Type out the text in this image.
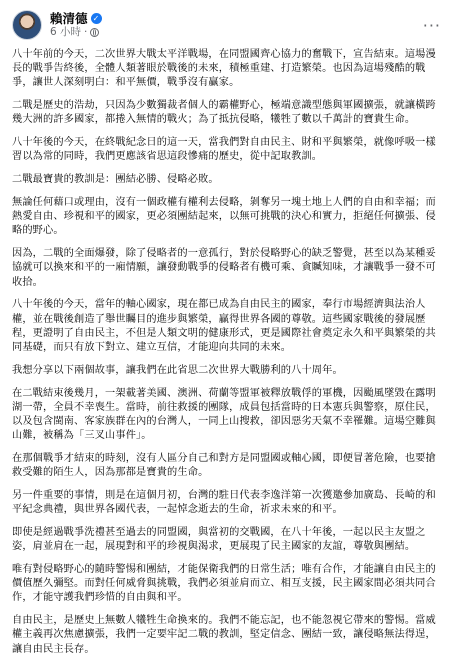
賴清德 ✓
6 小時 ·	···

八十年前的今天，二次世界大戰太平洋戰場，在同盟國齊心協力的奮戰下，宣告結束。這場漫長的戰爭告終後，全體人類著眼於戰後的未來，積極重建、打造繁榮。也因為這場殘酷的戰爭，讓世人深刻明白：和平無價，戰爭沒有贏家。

二戰是歷史的浩劫，只因為少數獨裁者個人的霸權野心，極端意識型態與軍國擴張，就讓橫跨幾大洲的許多國家，都捲入無情的戰火；為了抵抗侵略，犧牲了數以千萬計的寶貴生命。

八十年後的今天，在終戰紀念日的這一天，當我們對自由民主、財和平與繁榮，就像呼吸一樣習以為常的同時，我們更應該省思這段慘痛的歷史，從中記取教訓。

二戰最寶貴的教訓是：團結必勝、侵略必敗。

無論任何藉口或理由，沒有一個政權有權利去侵略，剝奪另一塊土地上人們的自由和幸福；而熱愛自由、珍視和平的國家，更必須團結起來，以無可挑戰的決心和實力，拒絕任何擴張、侵略的野心。

因為，二戰的全面爆發，除了侵略者的一意孤行，對於侵略野心的缺乏警覺，甚至以為某種妥協就可以換來和平的一廂情願，讓發動戰爭的侵略者有機可乘、貪贓知味，才讓戰爭一發不可收拾。

八十年後的今天，當年的軸心國家，現在都已成為自由民主的國家，奉行市場經濟與法治人權，並在戰後創造了舉世矚目的進步與繁榮，贏得世界各國的尊敬。這些國家戰後的發展歷程，更證明了自由民主，不但是人類文明的健康形式，更是國際社會奠定永久和平與繁榮的共同基礎，而只有放下對立、建立互信，才能迎向共同的未來。

我想分享以下兩個故事，讓我們在此省思二次世界大戰勝利的八十周年。

在二戰結束後幾月，一架載著美國、澳洲、荷蘭等盟軍被釋放戰俘的軍機，因颱風墜毀在露明湖一帶，全員不幸喪生。當時，前往救援的團隊，成員包括當時的日本憲兵與警察，原住民，以及包含閩南、客家族群在內的台灣人，一同上山搜救，卻因惡劣天氣不幸罹難。這場空難與山難，被稱為「三叉山事件」。

在那個戰爭才結束的時刻，沒有人區分自己和對方是同盟國或軸心國，即便冒著危險，也要搶救受難的陌生人，因為那都是寶貴的生命。

另一件重要的事情，則是在這個月初，台灣的駐日代表李逸洋第一次獲邀參加廣島、長崎的和平紀念典禮，與世界各國代表，一起悼念逝去的生命，祈求未來的和平。

即使是經過戰爭洗禮甚至過去的同盟國，與當初的交戰國，在八十年後，一起以民主友盟之姿，肩並肩在一起，展現對和平的珍視與渴求，更展現了民主國家的友誼，尊敬與團結。

唯有對侵略野心的隨時警惕和團結，才能保衛我們的日常生活；唯有合作，才能讓自由民主的價值歷久彌堅。而對任何威脅與挑戰，我們必須並肩而立、相互支援，民主國家間必須共同合作，才能守護我們珍惜的自由與和平。

自由民主，是歷史上無數人犧牲生命換來的。我們不能忘記，也不能忽視它帶來的警惕。當威權主義再次焦慮擴張，我們一定要牢記二戰的教訓，堅定信念、團結一致，讓侵略無法得逞，讓自由民主長存。
